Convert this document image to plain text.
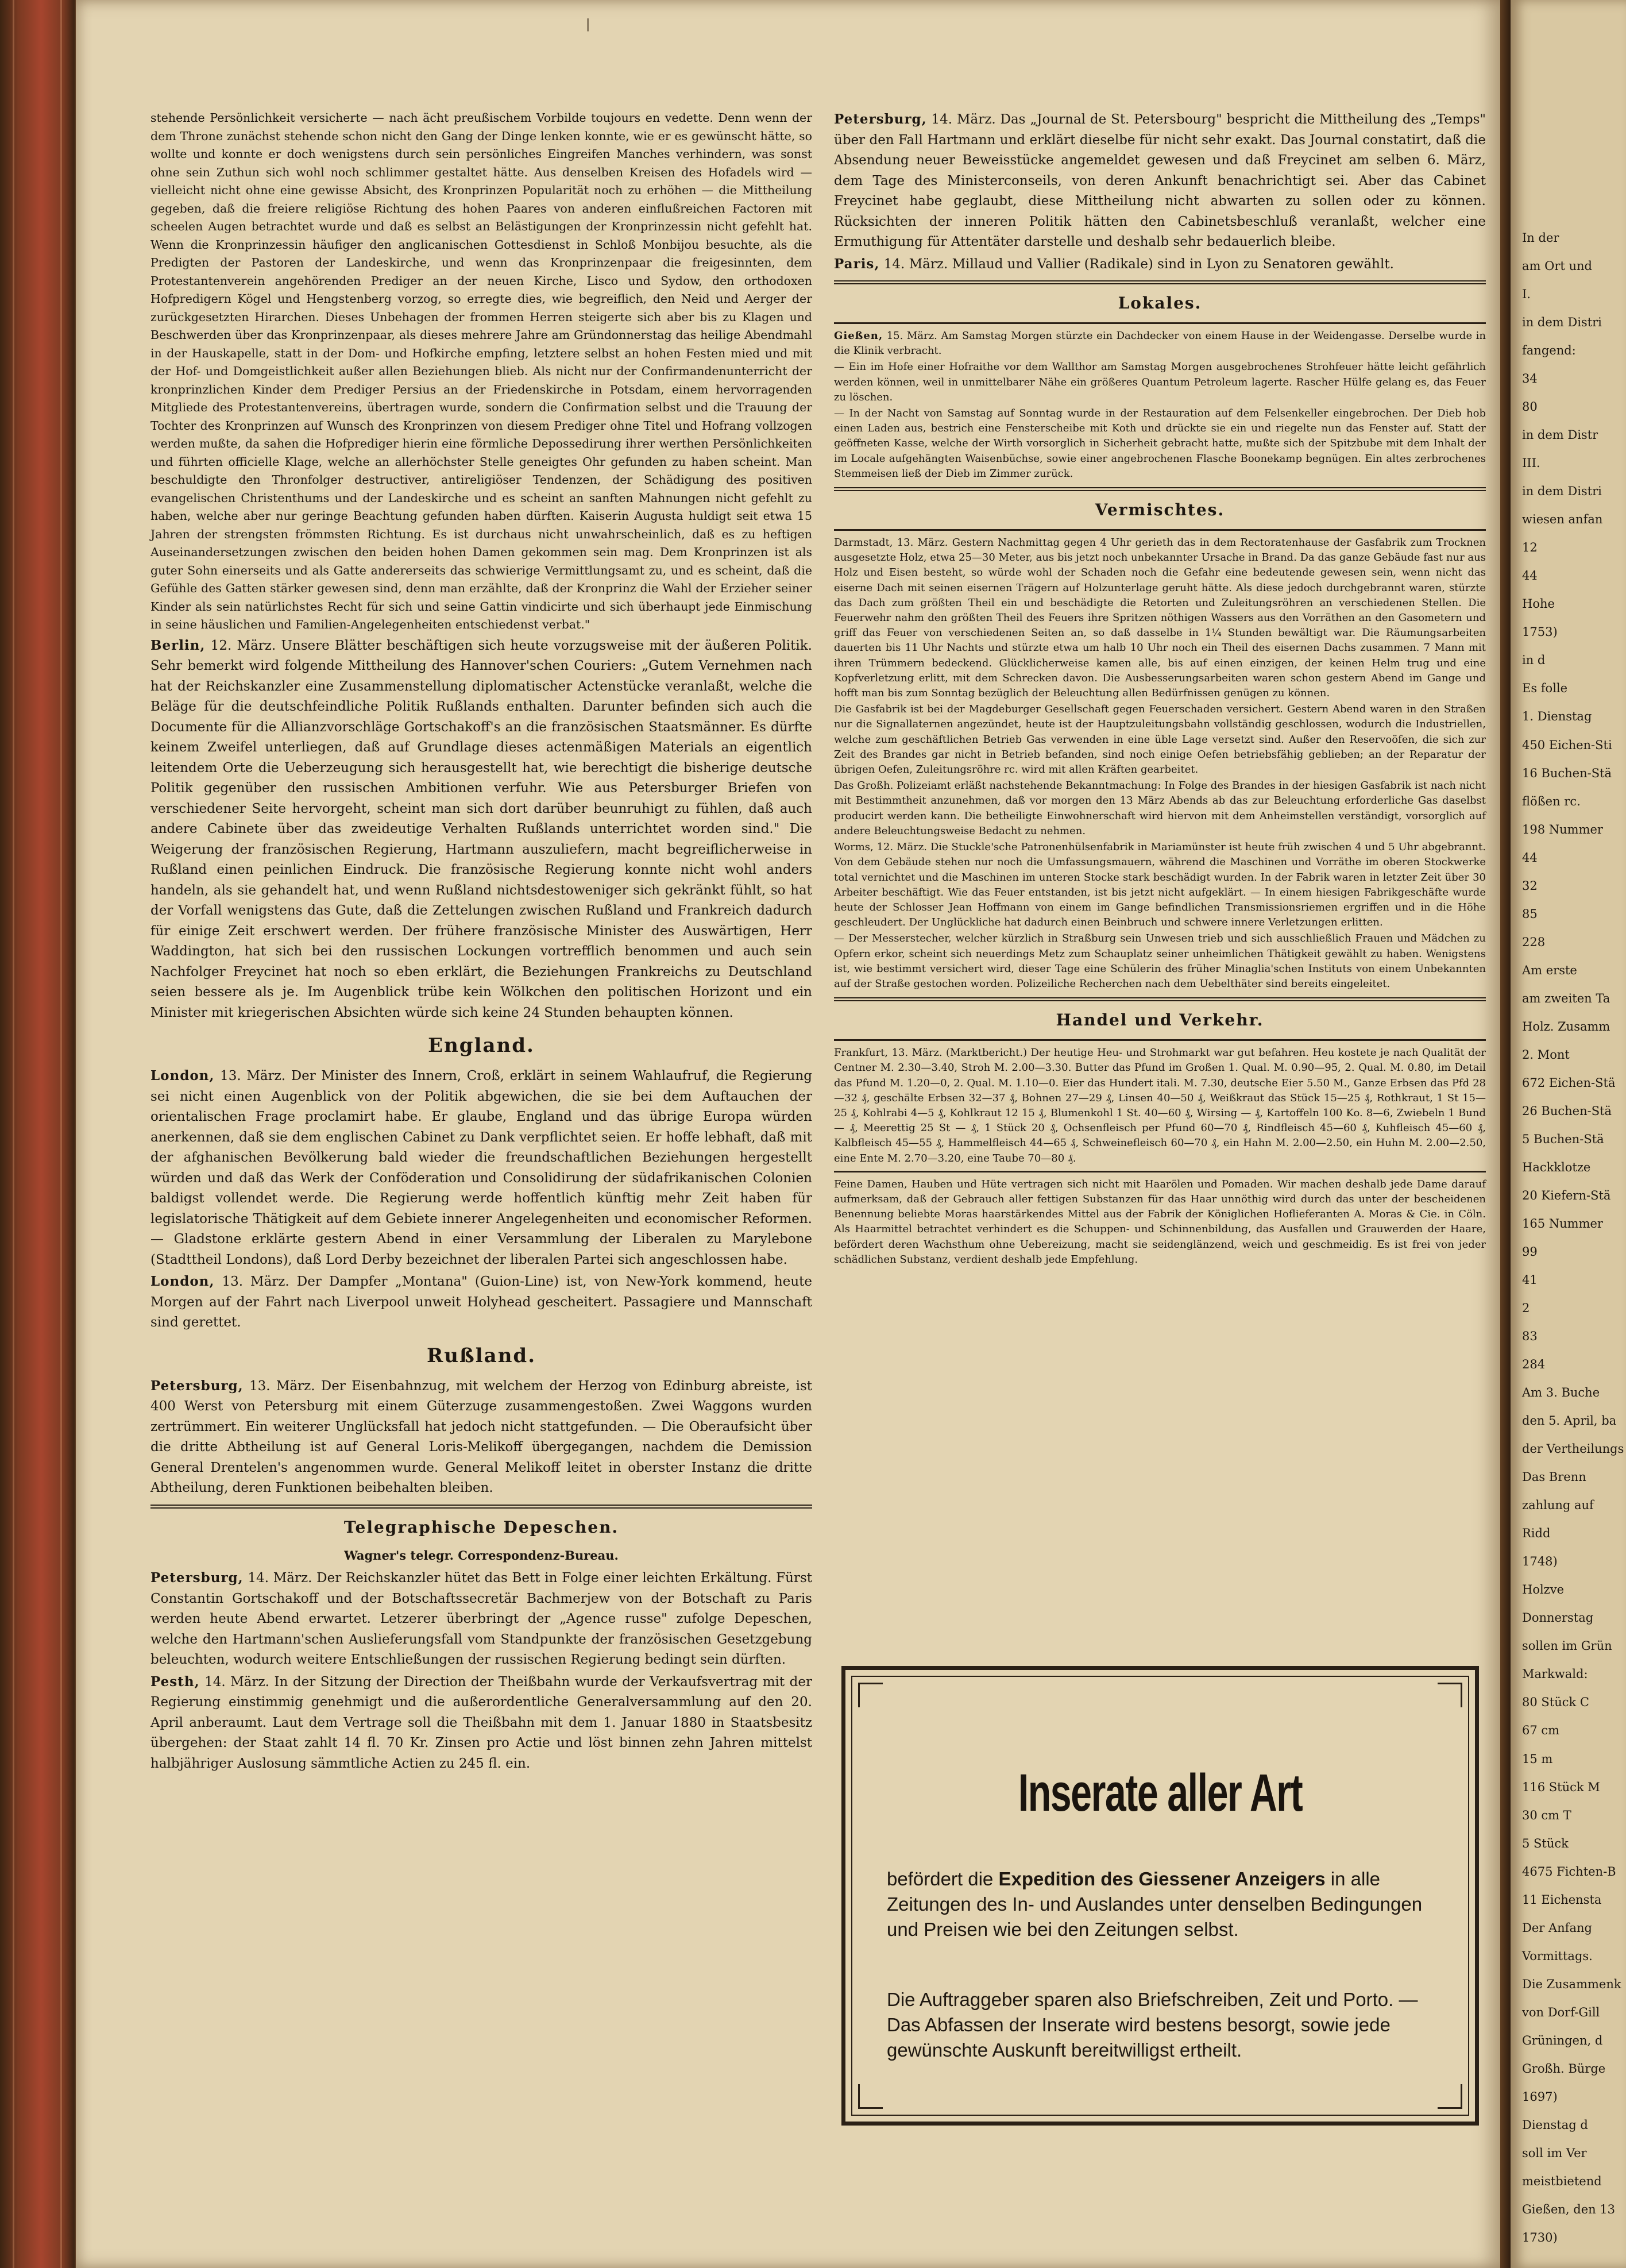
|

stehende Persönlichkeit versicherte — nach ächt preußischem Vorbilde toujours en vedette. Denn wenn der dem Throne zunächst stehende schon nicht den Gang der Dinge lenken konnte, wie er es gewünscht hätte, so wollte und konnte er doch wenigstens durch sein persönliches Eingreifen Manches verhindern, was sonst ohne sein Zuthun sich wohl noch schlimmer gestaltet hätte. Aus denselben Kreisen des Hofadels wird — vielleicht nicht ohne eine gewisse Absicht, des Kronprinzen Popularität noch zu erhöhen — die Mittheilung gegeben, daß die freiere religiöse Richtung des hohen Paares von anderen einflußreichen Factoren mit scheelen Augen betrachtet wurde und daß es selbst an Belästigungen der Kronprinzessin nicht gefehlt hat. Wenn die Kronprinzessin häufiger den anglicanischen Gottesdienst in Schloß Monbijou besuchte, als die Predigten der Pastoren der Landeskirche, und wenn das Kronprinzenpaar die freigesinnten, dem Protestantenverein angehörenden Prediger an der neuen Kirche, Lisco und Sydow, den orthodoxen Hofpredigern Kögel und Hengstenberg vorzog, so erregte dies, wie begreiflich, den Neid und Aerger der zurückgesetzten Hirarchen. Dieses Unbehagen der frommen Herren steigerte sich aber bis zu Klagen und Beschwerden über das Kronprinzenpaar, als dieses mehrere Jahre am Gründonnerstag das heilige Abendmahl in der Hauskapelle, statt in der Dom- und Hofkirche empfing, letztere selbst an hohen Festen mied und mit der Hof- und Domgeistlichkeit außer allen Beziehungen blieb. Als nicht nur der Confirmandenunterricht der kronprinzlichen Kinder dem Prediger Persius an der Friedenskirche in Potsdam, einem hervorragenden Mitgliede des Protestantenvereins, übertragen wurde, sondern die Confirmation selbst und die Trauung der Tochter des Kronprinzen auf Wunsch des Kronprinzen von diesem Prediger ohne Titel und Hofrang vollzogen werden mußte, da sahen die Hofprediger hierin eine förmliche Depossedirung ihrer werthen Persönlichkeiten und führten officielle Klage, welche an allerhöchster Stelle geneigtes Ohr gefunden zu haben scheint. Man beschuldigte den Thronfolger destructiver, antireligiöser Tendenzen, der Schädigung des positiven evangelischen Christenthums und der Landeskirche und es scheint an sanften Mahnungen nicht gefehlt zu haben, welche aber nur geringe Beachtung gefunden haben dürften. Kaiserin Augusta huldigt seit etwa 15 Jahren der strengsten frömmsten Richtung. Es ist durchaus nicht unwahrscheinlich, daß es zu heftigen Auseinandersetzungen zwischen den beiden hohen Damen gekommen sein mag. Dem Kronprinzen ist als guter Sohn einerseits und als Gatte andererseits das schwierige Vermittlungsamt zu, und es scheint, daß die Gefühle des Gatten stärker gewesen sind, denn man erzählte, daß der Kronprinz die Wahl der Erzieher seiner Kinder als sein natürlichstes Recht für sich und seine Gattin vindicirte und sich überhaupt jede Einmischung in seine häuslichen und Familien-Angelegenheiten entschiedenst verbat."

Berlin, 12. März. Unsere Blätter beschäftigen sich heute vorzugsweise mit der äußeren Politik. Sehr bemerkt wird folgende Mittheilung des Hannover'schen Couriers: „Gutem Vernehmen nach hat der Reichskanzler eine Zusammenstellung diplomatischer Actenstücke veranlaßt, welche die Beläge für die deutschfeindliche Politik Rußlands enthalten. Darunter befinden sich auch die Documente für die Allianzvorschläge Gortschakoff's an die französischen Staatsmänner. Es dürfte keinem Zweifel unterliegen, daß auf Grundlage dieses actenmäßigen Materials an eigentlich leitendem Orte die Ueberzeugung sich herausgestellt hat, wie berechtigt die bisherige deutsche Politik gegenüber den russischen Ambitionen verfuhr. Wie aus Petersburger Briefen von verschiedener Seite hervorgeht, scheint man sich dort darüber beunruhigt zu fühlen, daß auch andere Cabinete über das zweideutige Verhalten Rußlands unterrichtet worden sind." Die Weigerung der französischen Regierung, Hartmann auszuliefern, macht begreiflicherweise in Rußland einen peinlichen Eindruck. Die französische Regierung konnte nicht wohl anders handeln, als sie gehandelt hat, und wenn Rußland nichtsdestoweniger sich gekränkt fühlt, so hat der Vorfall wenigstens das Gute, daß die Zettelungen zwischen Rußland und Frankreich dadurch für einige Zeit erschwert werden. Der frühere französische Minister des Auswärtigen, Herr Waddington, hat sich bei den russischen Lockungen vortrefflich benommen und auch sein Nachfolger Freycinet hat noch so eben erklärt, die Beziehungen Frankreichs zu Deutschland seien bessere als je. Im Augenblick trübe kein Wölkchen den politischen Horizont und ein Minister mit kriegerischen Absichten würde sich keine 24 Stunden behaupten können.

England.

London, 13. März. Der Minister des Innern, Croß, erklärt in seinem Wahlaufruf, die Regierung sei nicht einen Augenblick von der Politik abgewichen, die sie bei dem Auftauchen der orientalischen Frage proclamirt habe. Er glaube, England und das übrige Europa würden anerkennen, daß sie dem englischen Cabinet zu Dank verpflichtet seien. Er hoffe lebhaft, daß mit der afghanischen Bevölkerung bald wieder die freundschaftlichen Beziehungen hergestellt würden und daß das Werk der Conföderation und Consolidirung der südafrikanischen Colonien baldigst vollendet werde. Die Regierung werde hoffentlich künftig mehr Zeit haben für legislatorische Thätigkeit auf dem Gebiete innerer Angelegenheiten und economischer Reformen. — Gladstone erklärte gestern Abend in einer Versammlung der Liberalen zu Marylebone (Stadttheil Londons), daß Lord Derby bezeichnet der liberalen Partei sich angeschlossen habe.

London, 13. März. Der Dampfer „Montana" (Guion-Line) ist, von New-York kommend, heute Morgen auf der Fahrt nach Liverpool unweit Holyhead gescheitert. Passagiere und Mannschaft sind gerettet.

Rußland.

Petersburg, 13. März. Der Eisenbahnzug, mit welchem der Herzog von Edinburg abreiste, ist 400 Werst von Petersburg mit einem Güterzuge zusammengestoßen. Zwei Waggons wurden zertrümmert. Ein weiterer Unglücksfall hat jedoch nicht stattgefunden. — Die Oberaufsicht über die dritte Abtheilung ist auf General Loris-Melikoff übergegangen, nachdem die Demission General Drentelen's angenommen wurde. General Melikoff leitet in oberster Instanz die dritte Abtheilung, deren Funktionen beibehalten bleiben.

Telegraphische Depeschen.
Wagner's telegr. Correspondenz-Bureau.

Petersburg, 14. März. Der Reichskanzler hütet das Bett in Folge einer leichten Erkältung. Fürst Constantin Gortschakoff und der Botschaftssecretär Bachmerjew von der Botschaft zu Paris werden heute Abend erwartet. Letzerer überbringt der „Agence russe" zufolge Depeschen, welche den Hartmann'schen Auslieferungsfall vom Standpunkte der französischen Gesetzgebung beleuchten, wodurch weitere Entschließungen der russischen Regierung bedingt sein dürften.

Pesth, 14. März. In der Sitzung der Direction der Theißbahn wurde der Verkaufsvertrag mit der Regierung einstimmig genehmigt und die außerordentliche Generalversammlung auf den 20. April anberaumt. Laut dem Vertrage soll die Theißbahn mit dem 1. Januar 1880 in Staatsbesitz übergehen: der Staat zahlt 14 fl. 70 Kr. Zinsen pro Actie und löst binnen zehn Jahren mittelst halbjähriger Auslosung sämmtliche Actien zu 245 fl. ein.

Petersburg, 14. März. Das „Journal de St. Petersbourg" bespricht die Mittheilung des „Temps" über den Fall Hartmann und erklärt dieselbe für nicht sehr exakt. Das Journal constatirt, daß die Absendung neuer Beweisstücke angemeldet gewesen und daß Freycinet am selben 6. März, dem Tage des Ministerconseils, von deren Ankunft benachrichtigt sei. Aber das Cabinet Freycinet habe geglaubt, diese Mittheilung nicht abwarten zu sollen oder zu können. Rücksichten der inneren Politik hätten den Cabinetsbeschluß veranlaßt, welcher eine Ermuthigung für Attentäter darstelle und deshalb sehr bedauerlich bleibe.

Paris, 14. März. Millaud und Vallier (Radikale) sind in Lyon zu Senatoren gewählt.

Lokales.

Gießen, 15. März. Am Samstag Morgen stürzte ein Dachdecker von einem Hause in der Weidengasse. Derselbe wurde in die Klinik verbracht.

— Ein im Hofe einer Hofraithe vor dem Wallthor am Samstag Morgen ausgebrochenes Strohfeuer hätte leicht gefährlich werden können, weil in unmittelbarer Nähe ein größeres Quantum Petroleum lagerte. Rascher Hülfe gelang es, das Feuer zu löschen.

— In der Nacht von Samstag auf Sonntag wurde in der Restauration auf dem Felsenkeller eingebrochen. Der Dieb hob einen Laden aus, bestrich eine Fensterscheibe mit Koth und drückte sie ein und riegelte nun das Fenster auf. Statt der geöffneten Kasse, welche der Wirth vorsorglich in Sicherheit gebracht hatte, mußte sich der Spitzbube mit dem Inhalt der im Locale aufgehängten Waisenbüchse, sowie einer angebrochenen Flasche Boonekamp begnügen. Ein altes zerbrochenes Stemmeisen ließ der Dieb im Zimmer zurück.

Vermischtes.

Darmstadt, 13. März. Gestern Nachmittag gegen 4 Uhr gerieth das in dem Rectoratenhause der Gasfabrik zum Trocknen ausgesetzte Holz, etwa 25—30 Meter, aus bis jetzt noch unbekannter Ursache in Brand. Da das ganze Gebäude fast nur aus Holz und Eisen besteht, so würde wohl der Schaden noch die Gefahr eine bedeutende gewesen sein, wenn nicht das eiserne Dach mit seinen eisernen Trägern auf Holzunterlage geruht hätte. Als diese jedoch durchgebrannt waren, stürzte das Dach zum größten Theil ein und beschädigte die Retorten und Zuleitungsröhren an verschiedenen Stellen. Die Feuerwehr nahm den größten Theil des Feuers ihre Spritzen nöthigen Wassers aus den Vorräthen an den Gasometern und griff das Feuer von verschiedenen Seiten an, so daß dasselbe in 1¼ Stunden bewältigt war. Die Räumungsarbeiten dauerten bis 11 Uhr Nachts und stürzte etwa um halb 10 Uhr noch ein Theil des eisernen Dachs zusammen. 7 Mann mit ihren Trümmern bedeckend. Glücklicherweise kamen alle, bis auf einen einzigen, der keinen Helm trug und eine Kopfverletzung erlitt, mit dem Schrecken davon. Die Ausbesserungsarbeiten waren schon gestern Abend im Gange und hofft man bis zum Sonntag bezüglich der Beleuchtung allen Bedürfnissen genügen zu können.

Die Gasfabrik ist bei der Magdeburger Gesellschaft gegen Feuerschaden versichert. Gestern Abend waren in den Straßen nur die Signallaternen angezündet, heute ist der Hauptzuleitungsbahn vollständig geschlossen, wodurch die Industriellen, welche zum geschäftlichen Betrieb Gas verwenden in eine üble Lage versetzt sind. Außer den Reservoöfen, die sich zur Zeit des Brandes gar nicht in Betrieb befanden, sind noch einige Oefen betriebsfähig geblieben; an der Reparatur der übrigen Oefen, Zuleitungsröhre rc. wird mit allen Kräften gearbeitet.

Das Großh. Polizeiamt erläßt nachstehende Bekanntmachung: In Folge des Brandes in der hiesigen Gasfabrik ist nach nicht mit Bestimmtheit anzunehmen, daß vor morgen den 13 März Abends ab das zur Beleuchtung erforderliche Gas daselbst producirt werden kann. Die betheiligte Einwohnerschaft wird hiervon mit dem Anheimstellen verständigt, vorsorglich auf andere Beleuchtungsweise Bedacht zu nehmen.

Worms, 12. März. Die Stuckle'sche Patronenhülsenfabrik in Mariamünster ist heute früh zwischen 4 und 5 Uhr abgebrannt. Von dem Gebäude stehen nur noch die Umfassungsmauern, während die Maschinen und Vorräthe im oberen Stockwerke total vernichtet und die Maschinen im unteren Stocke stark beschädigt wurden. In der Fabrik waren in letzter Zeit über 30 Arbeiter beschäftigt. Wie das Feuer entstanden, ist bis jetzt nicht aufgeklärt. — In einem hiesigen Fabrikgeschäfte wurde heute der Schlosser Jean Hoffmann von einem im Gange befindlichen Transmissionsriemen ergriffen und in die Höhe geschleudert. Der Unglückliche hat dadurch einen Beinbruch und schwere innere Verletzungen erlitten.

— Der Messerstecher, welcher kürzlich in Straßburg sein Unwesen trieb und sich ausschließlich Frauen und Mädchen zu Opfern erkor, scheint sich neuerdings Metz zum Schauplatz seiner unheimlichen Thätigkeit gewählt zu haben. Wenigstens ist, wie bestimmt versichert wird, dieser Tage eine Schülerin des früher Minaglia'schen Instituts von einem Unbekannten auf der Straße gestochen worden. Polizeiliche Recherchen nach dem Uebelthäter sind bereits eingeleitet.

Handel und Verkehr.

Frankfurt, 13. März. (Marktbericht.) Der heutige Heu- und Strohmarkt war gut befahren. Heu kostete je nach Qualität der Centner M. 2.30—3.40, Stroh M. 2.00—3.30. Butter das Pfund im Großen 1. Qual. M. 0.90—95, 2. Qual. M. 0.80, im Detail das Pfund M. 1.20—0, 2. Qual. M. 1.10—0. Eier das Hundert itali. M. 7.30, deutsche Eier 5.50 M., Ganze Erbsen das Pfd 28—32 ₰, geschälte Erbsen 32—37 ₰, Bohnen 27—29 ₰, Linsen 40—50 ₰, Weißkraut das Stück 15—25 ₰, Rothkraut, 1 St 15—25 ₰, Kohlrabi 4—5 ₰, Kohlkraut 12 15 ₰, Blumenkohl 1 St. 40—60 ₰, Wirsing — ₰, Kartoffeln 100 Ko. 8—6, Zwiebeln 1 Bund — ₰, Meerettig 25 St — ₰, 1 Stück 20 ₰, Ochsenfleisch per Pfund 60—70 ₰, Rindfleisch 45—60 ₰, Kuhfleisch 45—60 ₰, Kalbfleisch 45—55 ₰, Hammelfleisch 44—65 ₰, Schweinefleisch 60—70 ₰, ein Hahn M. 2.00—2.50, ein Huhn M. 2.00—2.50, eine Ente M. 2.70—3.20, eine Taube 70—80 ₰.

Feine Damen, Hauben und Hüte vertragen sich nicht mit Haarölen und Pomaden. Wir machen deshalb jede Dame darauf aufmerksam, daß der Gebrauch aller fettigen Substanzen für das Haar unnöthig wird durch das unter der bescheidenen Benennung beliebte Moras haarstärkendes Mittel aus der Fabrik der Königlichen Hoflieferanten A. Moras & Cie. in Cöln. Als Haarmittel betrachtet verhindert es die Schuppen- und Schinnenbildung, das Ausfallen und Grauwerden der Haare, befördert deren Wachsthum ohne Uebereizung, macht sie seidenglänzend, weich und geschmeidig. Es ist frei von jeder schädlichen Substanz, verdient deshalb jede Empfehlung.

Inserate aller Art
befördert die Expedition des Giessener Anzeigers in alle Zeitungen des In- und Auslandes unter denselben Bedingungen und Preisen wie bei den Zeitungen selbst.
Die Auftraggeber sparen also Briefschreiben, Zeit und Porto. — Das Abfassen der Inserate wird bestens besorgt, sowie jede gewünschte Auskunft bereitwilligst ertheilt.
In der
am Ort und
I.
in dem Distri
fangend:
34
80
in dem Distr
III.
in dem Distri
wiesen anfan
12
44
Hohe
1753)
in d
Es folle
1. Dienstag
450 Eichen-Sti
16 Buchen-Stä
flößen rc.
198 Nummer
44
32
85
228
Am erste
am zweiten Ta
Holz. Zusamm
2. Mont
672 Eichen-Stä
26 Buchen-Stä
5 Buchen-Stä
Hackklotze
20 Kiefern-Stä
165 Nummer
99
41
2
83
284
Am 3. Buche
den 5. April, ba
der Vertheilungs
Das Brenn
zahlung auf
Ridd
1748)
Holzve
Donnerstag
sollen im Grün
Markwald:
80 Stück C
67 cm
15 m
116 Stück M
30 cm T
5 Stück
4675 Fichten-B
11 Eichensta
Der Anfang
Vormittags.
Die Zusammenk
von Dorf-Gill
Grüningen, d
Großh. Bürge
1697)
Dienstag d
soll im Ver
meistbietend
Gießen, den 13
1730)
